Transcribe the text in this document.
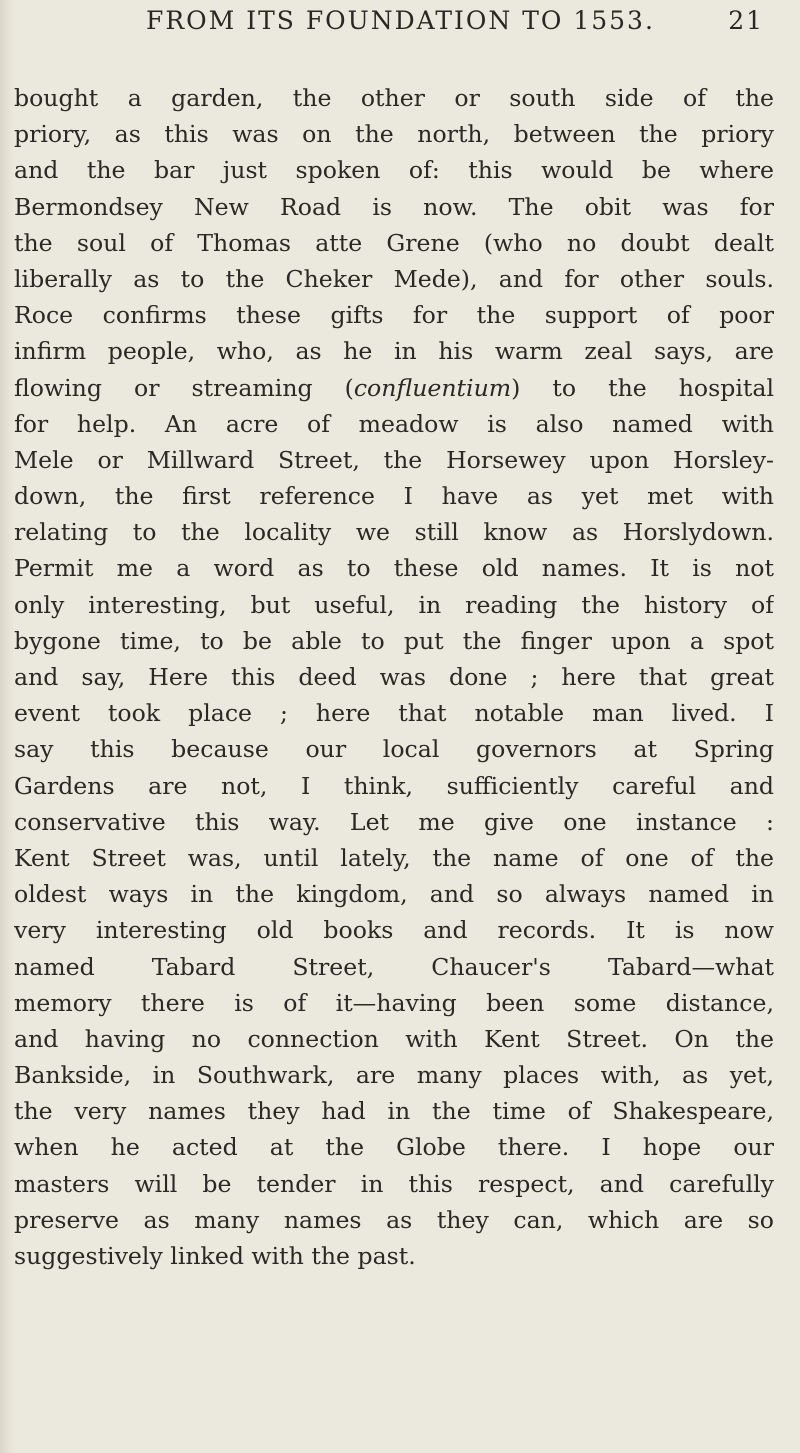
FROM ITS FOUNDATION TO 1553.	21
bought a garden, the other or south side of the
priory, as this was on the north, between the priory
and the bar just spoken of: this would be where
Bermondsey New Road is now. The obit was for
the soul of Thomas atte Grene (who no doubt dealt
liberally as to the Cheker Mede), and for other souls.
Roce confirms these gifts for the support of poor
infirm people, who, as he in his warm zeal says, are
flowing or streaming (confluentium) to the hospital
for help. An acre of meadow is also named with
Mele or Millward Street, the Horsewey upon Horsley-
down, the first reference I have as yet met with
relating to the locality we still know as Horslydown.
Permit me a word as to these old names. It is not
only interesting, but useful, in reading the history of
bygone time, to be able to put the finger upon a spot
and say, Here this deed was done ; here that great
event took place ; here that notable man lived. I
say this because our local governors at Spring
Gardens are not, I think, sufficiently careful and
conservative this way. Let me give one instance :
Kent Street was, until lately, the name of one of the
oldest ways in the kingdom, and so always named in
very interesting old books and records. It is now
named Tabard Street, Chaucer's Tabard—what
memory there is of it—having been some distance,
and having no connection with Kent Street. On the
Bankside, in Southwark, are many places with, as yet,
the very names they had in the time of Shakespeare,
when he acted at the Globe there. I hope our
masters will be tender in this respect, and carefully
preserve as many names as they can, which are so
suggestively linked with the past.
